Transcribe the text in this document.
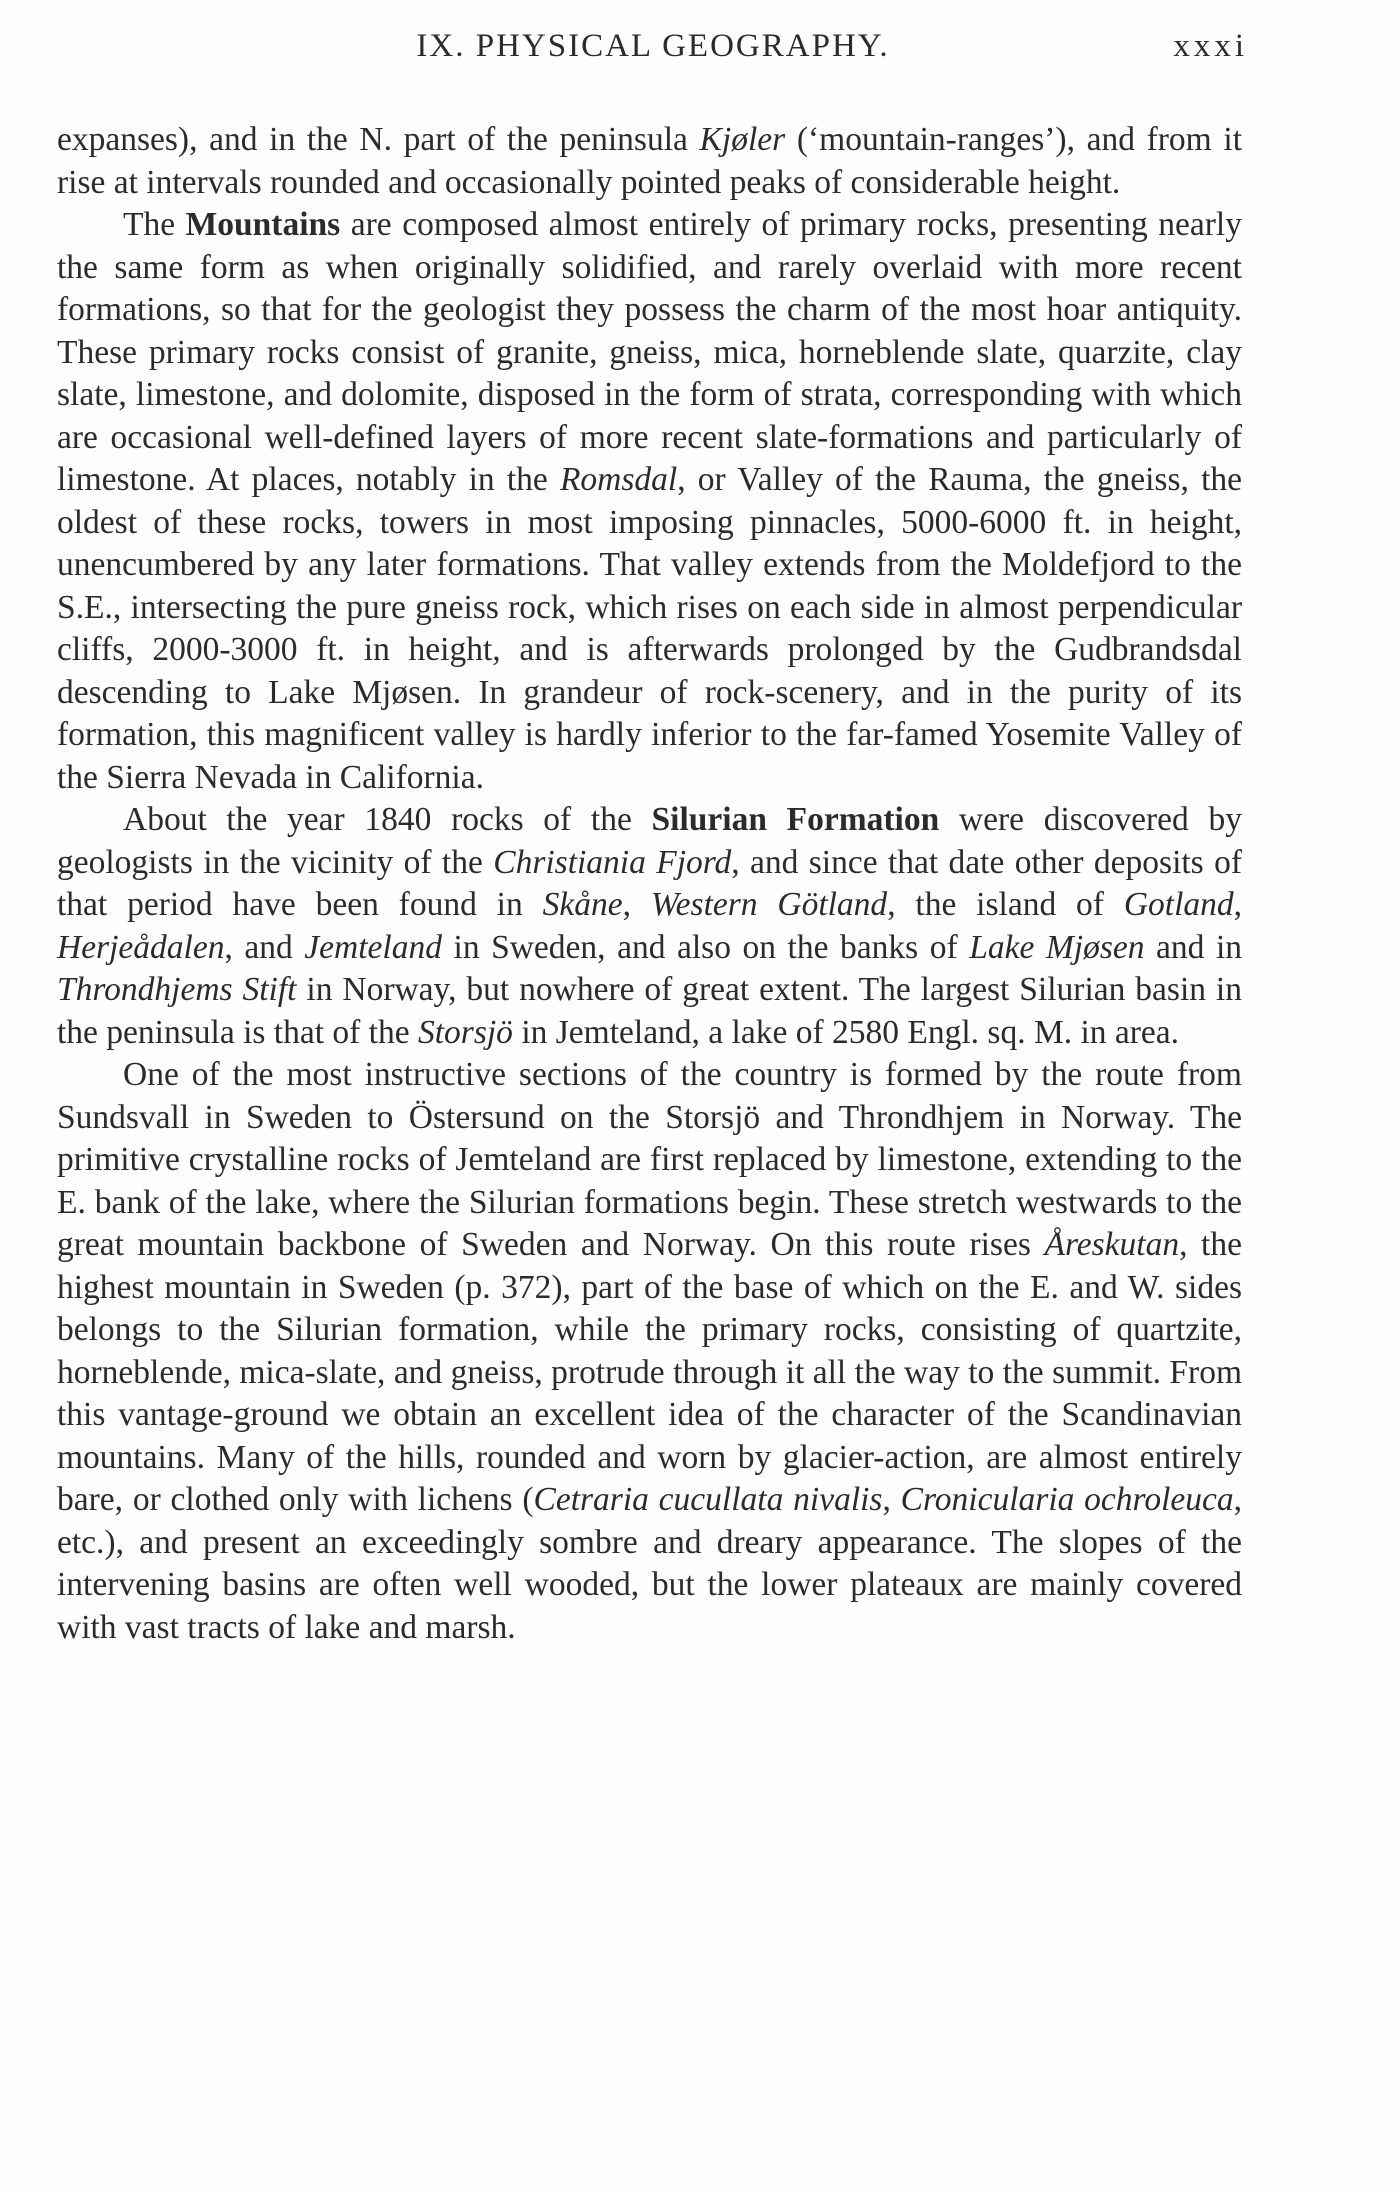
IX. PHYSICAL GEOGRAPHY.	xxxi

expanses), and in the N. part of the peninsula Kjøler (‘mountain-ranges’), and from it rise at intervals rounded and occasionally pointed peaks of considerable height.

The Mountains are composed almost entirely of primary rocks, presenting nearly the same form as when originally solidified, and rarely overlaid with more recent formations, so that for the geologist they possess the charm of the most hoar antiquity. These primary rocks consist of granite, gneiss, mica, horneblende slate, quarzite, clay slate, limestone, and dolomite, disposed in the form of strata, corresponding with which are occasional well-defined layers of more recent slate-formations and particularly of limestone. At places, notably in the Romsdal, or Valley of the Rauma, the gneiss, the oldest of these rocks, towers in most imposing pinnacles, 5000-6000 ft. in height, unencumbered by any later formations. That valley extends from the Moldefjord to the S.E., intersecting the pure gneiss rock, which rises on each side in almost perpendicular cliffs, 2000-3000 ft. in height, and is afterwards prolonged by the Gudbrandsdal descending to Lake Mjøsen. In grandeur of rock-scenery, and in the purity of its formation, this magnificent valley is hardly inferior to the far-famed Yosemite Valley of the Sierra Nevada in California.

About the year 1840 rocks of the Silurian Formation were discovered by geologists in the vicinity of the Christiania Fjord, and since that date other deposits of that period have been found in Skåne, Western Götland, the island of Gotland, Herjeådalen, and Jemteland in Sweden, and also on the banks of Lake Mjøsen and in Throndhjems Stift in Norway, but nowhere of great extent. The largest Silurian basin in the peninsula is that of the Storsjö in Jemteland, a lake of 2580 Engl. sq. M. in area.

One of the most instructive sections of the country is formed by the route from Sundsvall in Sweden to Östersund on the Storsjö and Throndhjem in Norway. The primitive crystalline rocks of Jemteland are first replaced by limestone, extending to the E. bank of the lake, where the Silurian formations begin. These stretch westwards to the great mountain backbone of Sweden and Norway. On this route rises Åreskutan, the highest mountain in Sweden (p. 372), part of the base of which on the E. and W. sides belongs to the Silurian formation, while the primary rocks, consisting of quartzite, horneblende, mica-slate, and gneiss, protrude through it all the way to the summit. From this vantage-ground we obtain an excellent idea of the character of the Scandinavian mountains. Many of the hills, rounded and worn by glacier-action, are almost entirely bare, or clothed only with lichens (Cetraria cucullata nivalis, Cronicularia ochroleuca, etc.), and present an exceedingly sombre and dreary appearance. The slopes of the intervening basins are often well wooded, but the lower plateaux are mainly covered with vast tracts of lake and marsh.
